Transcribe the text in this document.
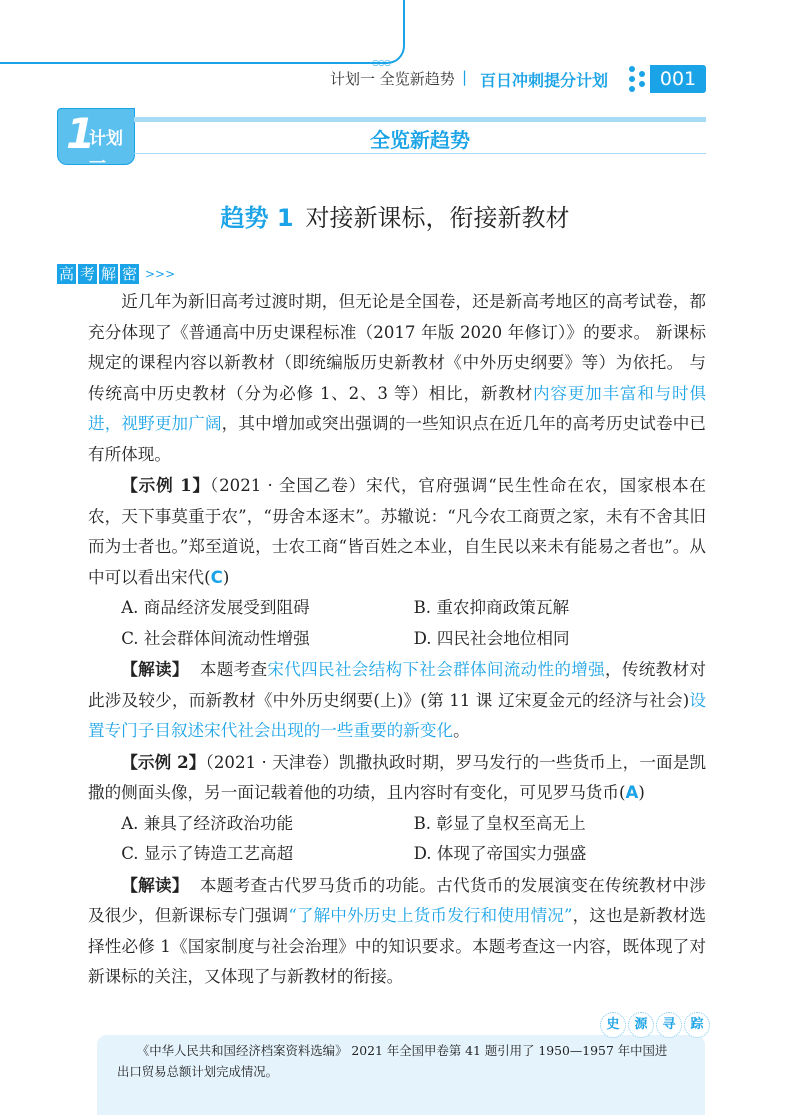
○○○
计划一 全览新趋势 | 百日冲刺提分计划	001
1
计划一
全览新趋势
趋势 1 对接新课标，衔接新教材
高 考 解 密 >>>

近几年为新旧高考过渡时期，但无论是全国卷，还是新高考地区的高考试卷，都充分体现了《普通高中历史课程标准（2017 年版 2020 年修订）》的要求。 新课标规定的课程内容以新教材（即统编版历史新教材《中外历史纲要》等）为依托。 与传统高中历史教材（分为必修 1、2、3 等）相比，新教材内容更加丰富和与时俱进，视野更加广阔，其中增加或突出强调的一些知识点在近几年的高考历史试卷中已有所体现。

【示例 1】（2021 · 全国乙卷）宋代，官府强调“民生性命在农，国家根本在农，天下事莫重于农”，“毋舍本逐末”。苏辙说：“凡今农工商贾之家，未有不舍其旧而为士者也。”郑至道说，士农工商“皆百姓之本业，自生民以来未有能易之者也”。从中可以看出宋代(C)

A. 商品经济发展受到阻碍	B. 重农抑商政策瓦解
C. 社会群体间流动性增强	D. 四民社会地位相同

【解读】 本题考查宋代四民社会结构下社会群体间流动性的增强，传统教材对此涉及较少，而新教材《中外历史纲要(上)》(第 11 课 辽宋夏金元的经济与社会)设置专门子目叙述宋代社会出现的一些重要的新变化。

【示例 2】（2021 · 天津卷）凯撒执政时期，罗马发行的一些货币上，一面是凯撒的侧面头像，另一面记载着他的功绩，且内容时有变化，可见罗马货币(A)

A. 兼具了经济政治功能	B. 彰显了皇权至高无上
C. 显示了铸造工艺高超	D. 体现了帝国实力强盛

【解读】 本题考查古代罗马货币的功能。古代货币的发展演变在传统教材中涉及很少，但新课标专门强调“了解中外历史上货币发行和使用情况”，这也是新教材选择性必修 1《国家制度与社会治理》中的知识要求。本题考查这一内容，既体现了对新课标的关注，又体现了与新教材的衔接。

史	源	寻	踪
《中华人民共和国经济档案资料选编》 2021 年全国甲卷第 41 题引用了 1950—1957 年中国进出口贸易总额计划完成情况。
